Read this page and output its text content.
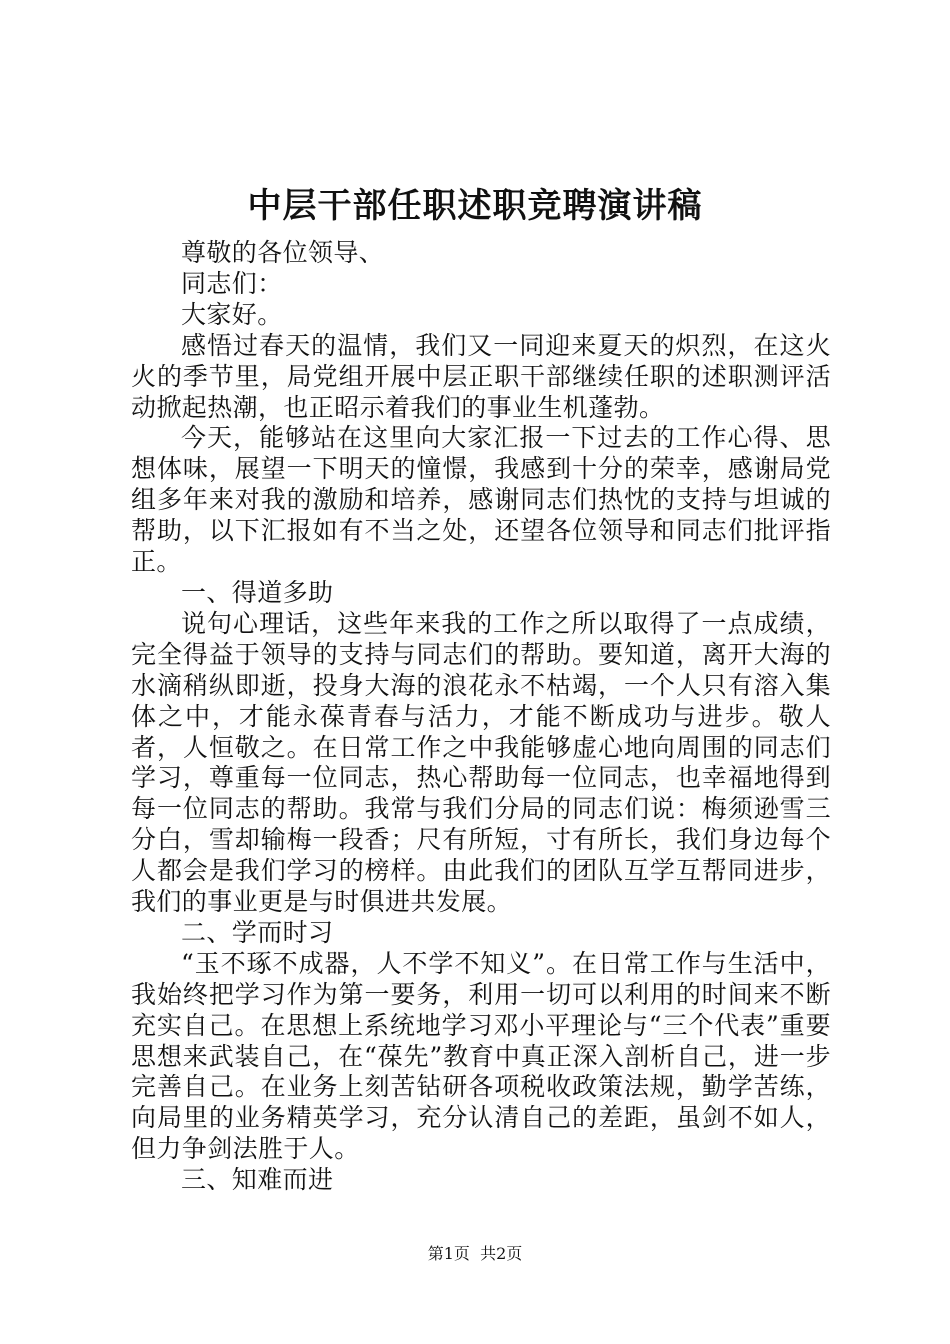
中层干部任职述职竞聘演讲稿

尊敬的各位领导、

同志们：

大家好。

感悟过春天的温情，我们又一同迎来夏天的炽烈，在这火火的季节里，局党组开展中层正职干部继续任职的述职测评活动掀起热潮，也正昭示着我们的事业生机蓬勃。

今天，能够站在这里向大家汇报一下过去的工作心得、思想体味，展望一下明天的憧憬，我感到十分的荣幸，感谢局党组多年来对我的激励和培养，感谢同志们热忱的支持与坦诚的帮助，以下汇报如有不当之处，还望各位领导和同志们批评指正。

一、得道多助

说句心理话，这些年来我的工作之所以取得了一点成绩，完全得益于领导的支持与同志们的帮助。要知道，离开大海的水滴稍纵即逝，投身大海的浪花永不枯竭，一个人只有溶入集体之中，才能永葆青春与活力，才能不断成功与进步。敬人者，人恒敬之。在日常工作之中我能够虚心地向周围的同志们学习，尊重每一位同志，热心帮助每一位同志，也幸福地得到每一位同志的帮助。我常与我们分局的同志们说：梅须逊雪三分白，雪却输梅一段香；尺有所短，寸有所长，我们身边每个人都会是我们学习的榜样。由此我们的团队互学互帮同进步，我们的事业更是与时俱进共发展。

二、学而时习

“玉不琢不成器，人不学不知义”。在日常工作与生活中，我始终把学习作为第一要务，利用一切可以利用的时间来不断充实自己。在思想上系统地学习邓小平理论与“三个代表”重要思想来武装自己，在“葆先”教育中真正深入剖析自己，进一步完善自己。在业务上刻苦钻研各项税收政策法规，勤学苦练，向局里的业务精英学习，充分认清自己的差距，虽剑不如人，但力争剑法胜于人。

三、知难而进

第1页  共2页
